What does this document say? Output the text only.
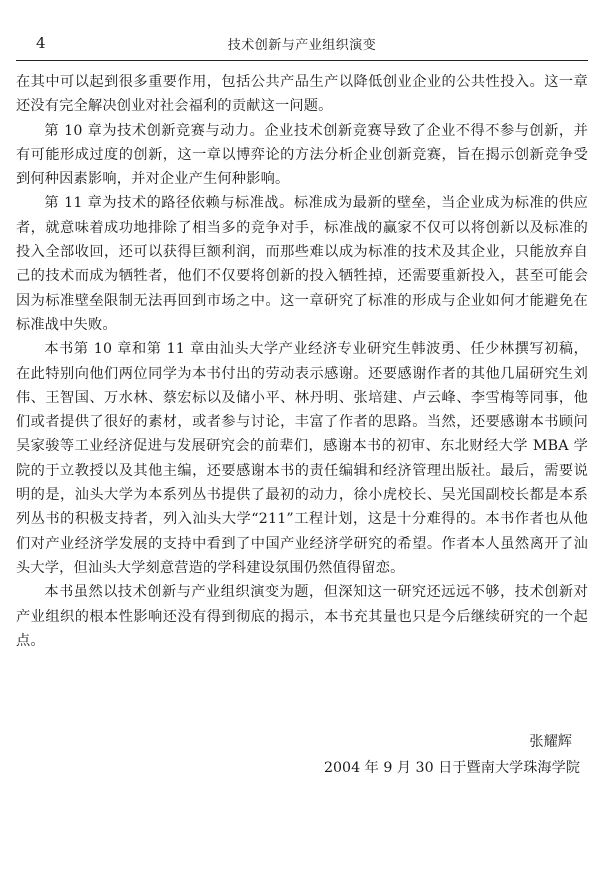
4	技术创新与产业组织演变

在其中可以起到很多重要作用，包括公共产品生产以降低创业企业的公共性投入。这一章还没有完全解决创业对社会福利的贡献这一问题。

第 10 章为技术创新竞赛与动力。企业技术创新竞赛导致了企业不得不参与创新，并有可能形成过度的创新，这一章以博弈论的方法分析企业创新竞赛，旨在揭示创新竞争受到何种因素影响，并对企业产生何种影响。

第 11 章为技术的路径依赖与标准战。标准成为最新的壁垒，当企业成为标准的供应者，就意味着成功地排除了相当多的竞争对手，标准战的赢家不仅可以将创新以及标准的投入全部收回，还可以获得巨额利润，而那些难以成为标准的技术及其企业，只能放弃自己的技术而成为牺牲者，他们不仅要将创新的投入牺牲掉，还需要重新投入，甚至可能会因为标准壁垒限制无法再回到市场之中。这一章研究了标准的形成与企业如何才能避免在标准战中失败。

本书第 10 章和第 11 章由汕头大学产业经济专业研究生韩波勇、任少林撰写初稿，在此特别向他们两位同学为本书付出的劳动表示感谢。还要感谢作者的其他几届研究生刘伟、王智国、万水林、蔡宏标以及储小平、林丹明、张培建、卢云峰、李雪梅等同事，他们或者提供了很好的素材，或者参与讨论，丰富了作者的思路。当然，还要感谢本书顾问吴家骏等工业经济促进与发展研究会的前辈们，感谢本书的初审、东北财经大学 MBA 学院的于立教授以及其他主编，还要感谢本书的责任编辑和经济管理出版社。最后，需要说明的是，汕头大学为本系列丛书提供了最初的动力，徐小虎校长、吴光国副校长都是本系列丛书的积极支持者，列入汕头大学“211”工程计划，这是十分难得的。本书作者也从他们对产业经济学发展的支持中看到了中国产业经济学研究的希望。作者本人虽然离开了汕头大学，但汕头大学刻意营造的学科建设氛围仍然值得留恋。

本书虽然以技术创新与产业组织演变为题，但深知这一研究还远远不够，技术创新对产业组织的根本性影响还没有得到彻底的揭示，本书充其量也只是今后继续研究的一个起点。

张耀辉
2004 年 9 月 30 日于暨南大学珠海学院
